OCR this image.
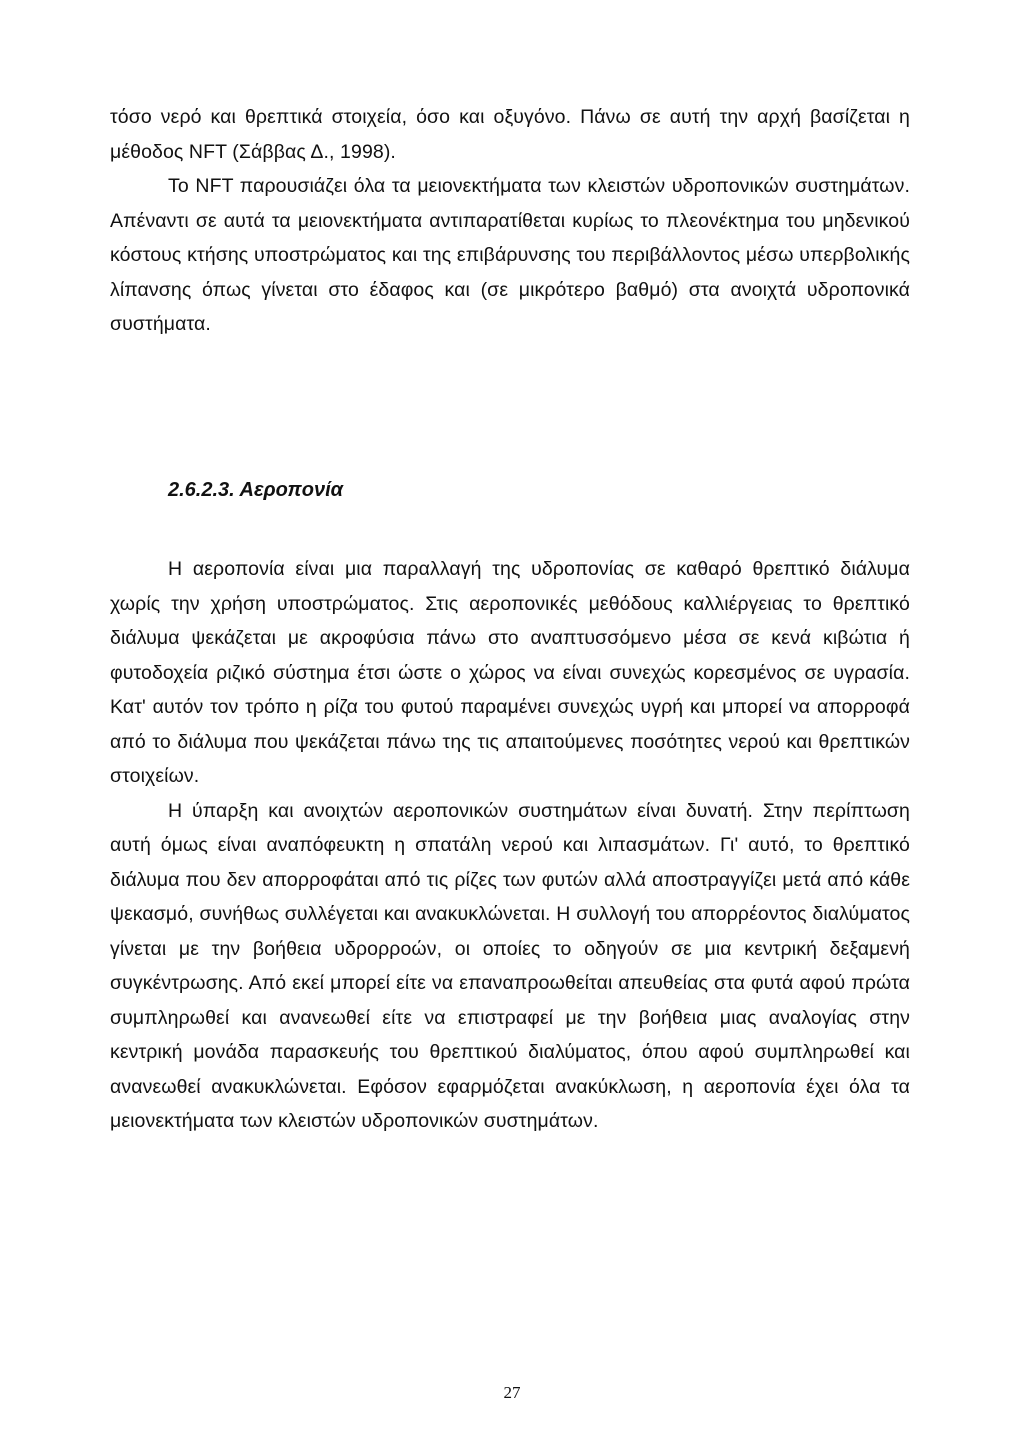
τόσο νερό και θρεπτικά στοιχεία, όσο και οξυγόνο. Πάνω σε αυτή την αρχή βασίζεται η μέθοδος NFT (Σάββας Δ., 1998).

Το NFT παρουσιάζει όλα τα μειονεκτήματα των κλειστών υδροπονικών συστημάτων. Απέναντι σε αυτά τα μειονεκτήματα αντιπαρατίθεται κυρίως το πλεονέκτημα του μηδενικού κόστους κτήσης υποστρώματος και της επιβάρυνσης του περιβάλλοντος μέσω υπερβολικής λίπανσης όπως γίνεται στο έδαφος και (σε μικρότερο βαθμό) στα ανοιχτά υδροπονικά συστήματα.

2.6.2.3. Αεροπονία

Η αεροπονία είναι μια παραλλαγή της υδροπονίας σε καθαρό θρεπτικό διάλυμα χωρίς την χρήση υποστρώματος. Στις αεροπονικές μεθόδους καλλιέργειας το θρεπτικό διάλυμα ψεκάζεται με ακροφύσια πάνω στο αναπτυσσόμενο μέσα σε κενά κιβώτια ή φυτοδοχεία ριζικό σύστημα έτσι ώστε ο χώρος να είναι συνεχώς κορεσμένος σε υγρασία. Κατ' αυτόν τον τρόπο η ρίζα του φυτού παραμένει συνεχώς υγρή και μπορεί να απορροφά από το διάλυμα που ψεκάζεται πάνω της τις απαιτούμενες ποσότητες νερού και θρεπτικών στοιχείων.

Η ύπαρξη και ανοιχτών αεροπονικών συστημάτων είναι δυνατή. Στην περίπτωση αυτή όμως είναι αναπόφευκτη η σπατάλη νερού και λιπασμάτων. Γι' αυτό, το θρεπτικό διάλυμα που δεν απορροφάται από τις ρίζες των φυτών αλλά αποστραγγίζει μετά από κάθε ψεκασμό, συνήθως συλλέγεται και ανακυκλώνεται. Η συλλογή του απορρέοντος διαλύματος γίνεται με την βοήθεια υδρορροών, οι οποίες το οδηγούν σε μια κεντρική δεξαμενή συγκέντρωσης. Από εκεί μπορεί είτε να επαναπροωθείται απευθείας στα φυτά αφού πρώτα συμπληρωθεί και ανανεωθεί είτε να επιστραφεί με την βοήθεια μιας αναλογίας στην κεντρική μονάδα παρασκευής του θρεπτικού διαλύματος, όπου αφού συμπληρωθεί και ανανεωθεί ανακυκλώνεται. Εφόσον εφαρμόζεται ανακύκλωση, η αεροπονία έχει όλα τα μειονεκτήματα των κλειστών υδροπονικών συστημάτων.

27
